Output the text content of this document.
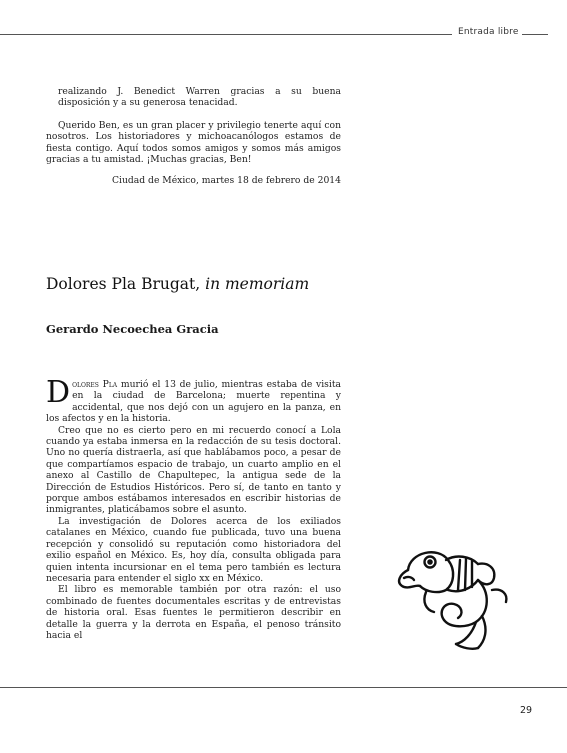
Entrada libre

realizando J. Benedict Warren gracias a su buena disposición y a su generosa tenacidad.

Querido Ben, es un gran placer y privilegio tenerte aquí con nosotros. Los historiadores y michoacanólogos estamos de fiesta contigo. Aquí todos somos amigos y somos más amigos gracias a tu amistad. ¡Muchas gracias, Ben!

Ciudad de México, martes 18 de febrero de 2014

Dolores Pla Brugat, in memoriam
Gerardo Necoechea Gracia

Dolores Pla murió el 13 de julio, mientras estaba de visita en la ciudad de Barcelona; muerte repentina y accidental, que nos dejó con un agujero en la panza, en los afectos y en la historia.

Creo que no es cierto pero en mi recuerdo conocí a Lola cuando ya estaba inmersa en la redacción de su tesis doctoral. Uno no quería distraerla, así que hablábamos poco, a pesar de que compartíamos espacio de trabajo, un cuarto amplio en el anexo al Castillo de Chapultepec, la antigua sede de la Dirección de Estudios Históricos. Pero sí, de tanto en tanto y porque ambos estábamos interesados en escribir historias de inmigrantes, platicábamos sobre el asunto.

La investigación de Dolores acerca de los exiliados catalanes en México, cuando fue publicada, tuvo una buena recepción y consolidó su reputación como historiadora del exilio español en México. Es, hoy día, consulta obligada para quien intenta incursionar en el tema pero también es lectura necesaria para entender el siglo xx en México.

El libro es memorable también por otra razón: el uso combinado de fuentes documentales escritas y de entrevistas de historia oral. Esas fuentes le permitieron describir en detalle la guerra y la derrota en España, el penoso tránsito hacia el

29
